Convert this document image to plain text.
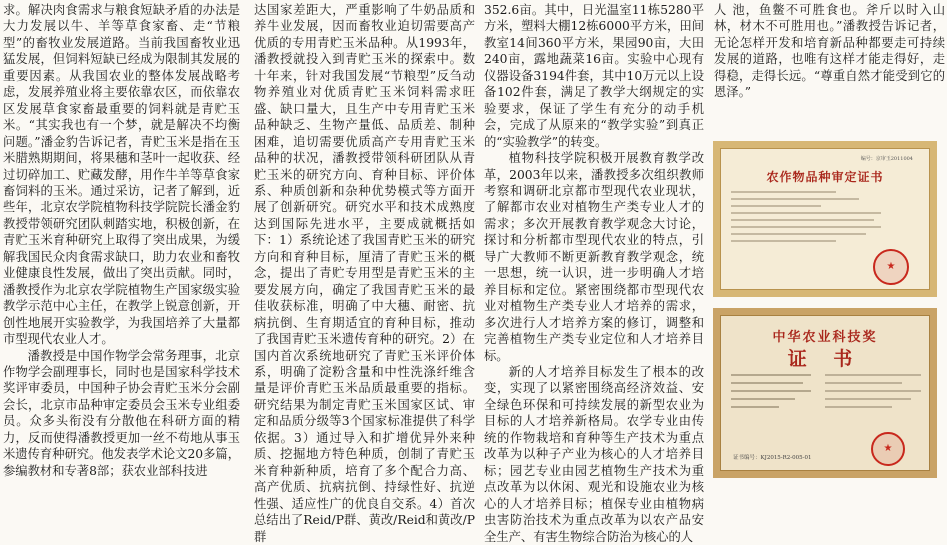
求。解决肉食需求与粮食短缺矛盾的办法是大力发展以牛、羊等草食家畜、走“节粮型”的畜牧业发展道路。当前我国畜牧业迅猛发展，但饲料短缺已经成为限制其发展的重要因素。从我国农业的整体发展战略考虑，发展养殖业将主要依靠农区，而依靠农区发展草食家畜最重要的饲料就是青贮玉米。“其实我也有一个梦，就是解决不均衡问题。”潘金豹告诉记者，青贮玉米是指在玉米腊熟期期间，将果穗和茎叶一起收获、经过切碎加工、贮藏发酵，用作牛羊等草食家畜饲料的玉米。通过采访，记者了解到，近些年，北京农学院植物科技学院院长潘金豹教授带领研究团队刺踏实地，积极创新，在青贮玉米育种研究上取得了突出成果，为缓解我国民众肉食需求缺口，助力农业和畜牧业健康良性发展，做出了突出贡献。同时，潘教授作为北京农学院植物生产国家级实验教学示范中心主任，在教学上锐意创新，开创性地展开实验教学，为我国培养了大量都市型现代农业人才。

潘教授是中国作物学会常务理事，北京作物学会副理事长，同时也是国家科学技术奖评审委员，中国种子协会青贮玉米分会副会长，北京市品种审定委员会玉米专业组委员。众多头衔没有分散他在科研方面的精力，反而使得潘教授更加一丝不苟地从事玉米遗传育种研究。他发表学术论文20多篇，参编教材和专著8部；获农业部科技进

达国家差距大，严重影响了牛奶品质和养牛业发展，因而畜牧业迫切需要高产优质的专用青贮玉米品种。从1993年，潘教授就投入到青贮玉米的探索中。数十年来，针对我国发展“节粮型”反刍动物养殖业对优质青贮玉米饲料需求旺盛、缺口量大，且生产中专用青贮玉米品种缺乏、生物产量低、品质差、制种困难，追切需要优质高产专用青贮玉米品种的状况，潘教授带领科研团队从青贮玉米的研究方向、育种目标、评价体系、种质创新和杂种优势模式等方面开展了创新研究。研究水平和技术成熟度达到国际先进水平，主要成就概括如下：1）系统论述了我国青贮玉米的研究方向和育种目标，厘清了青贮玉米的概念，提出了青贮专用型是青贮玉米的主要发展方向，确定了我国青贮玉米的最佳收获标准，明确了中大穗、耐密、抗病抗倒、生育期适宜的育种目标，推动了我国青贮玉米遗传育种的研究。2）在国内首次系统地研究了青贮玉米评价体系，明确了淀粉含量和中性洗涤纤维含量是评价青贮玉米品质最重要的指标。研究结果为制定青贮玉米国家区试、审定和品质分级等3个国家标准提供了科学依据。3）通过导入和扩增优异外来种质、挖掘地方特色种质，创制了青贮玉米育种新种质，培育了多个配合力高、高产优质、抗病抗倒、持绿性好、抗逆性强、适应性广的优良自交系。4）首次总结出了Reid/P群、黄改/Reid和黄改/P群

352.6亩。其中，日光温室11栋5280平方米，塑料大棚12栋6000平方米，田间教室14间360平方米，果园90亩，大田240亩，露地蔬菜16亩。实验中心现有仪器设备3194件套，其中10万元以上设备102件套，满足了教学大纲规定的实验要求，保证了学生有充分的动手机会，完成了从原来的“教学实验”到真正的“实验教学”的转变。

植物科技学院积极开展教育教学改革，2003年以来，潘教授多次组织教师考察和调研北京都市型现代农业现状，了解都市农业对植物生产类专业人才的需求；多次开展教育教学观念大讨论，探讨和分析都市型现代农业的特点，引导广大教师不断更新教育教学观念，统一思想，统一认识，进一步明确人才培养目标和定位。紧密围绕都市型现代农业对植物生产类专业人才培养的需求，多次进行人才培养方案的修订，调整和完善植物生产类专业定位和人才培养目标。

新的人才培养目标发生了根本的改变，实现了以紧密围绕高经济效益、安全绿色环保和可持续发展的新型农业为目标的人才培养新格局。农学专业由传统的作物栽培和育种等生产技术为重点改革为以种子产业为核心的人才培养目标；园艺专业由园艺植物生产技术为重点改革为以休闲、观光和设施农业为核心的人才培养目标；植保专业由植物病虫害防治技术为重点改革为以农产品安全生产、有害生物综合防治为核心的人

人 池，鱼鳖不可胜食也。斧斤以时入山林，材木不可胜用也。”潘教授告诉记者，无论怎样开发和培育新品种都要走可持续发展的道路，也唯有这样才能走得好，走得稳，走得长远。“尊重自然才能受到它的恩泽。”

编号：京审玉2011004
农作物品种审定证书
★
中华农业科技奖
证 书
★
证书编号：KJ2015-R2-005-01
